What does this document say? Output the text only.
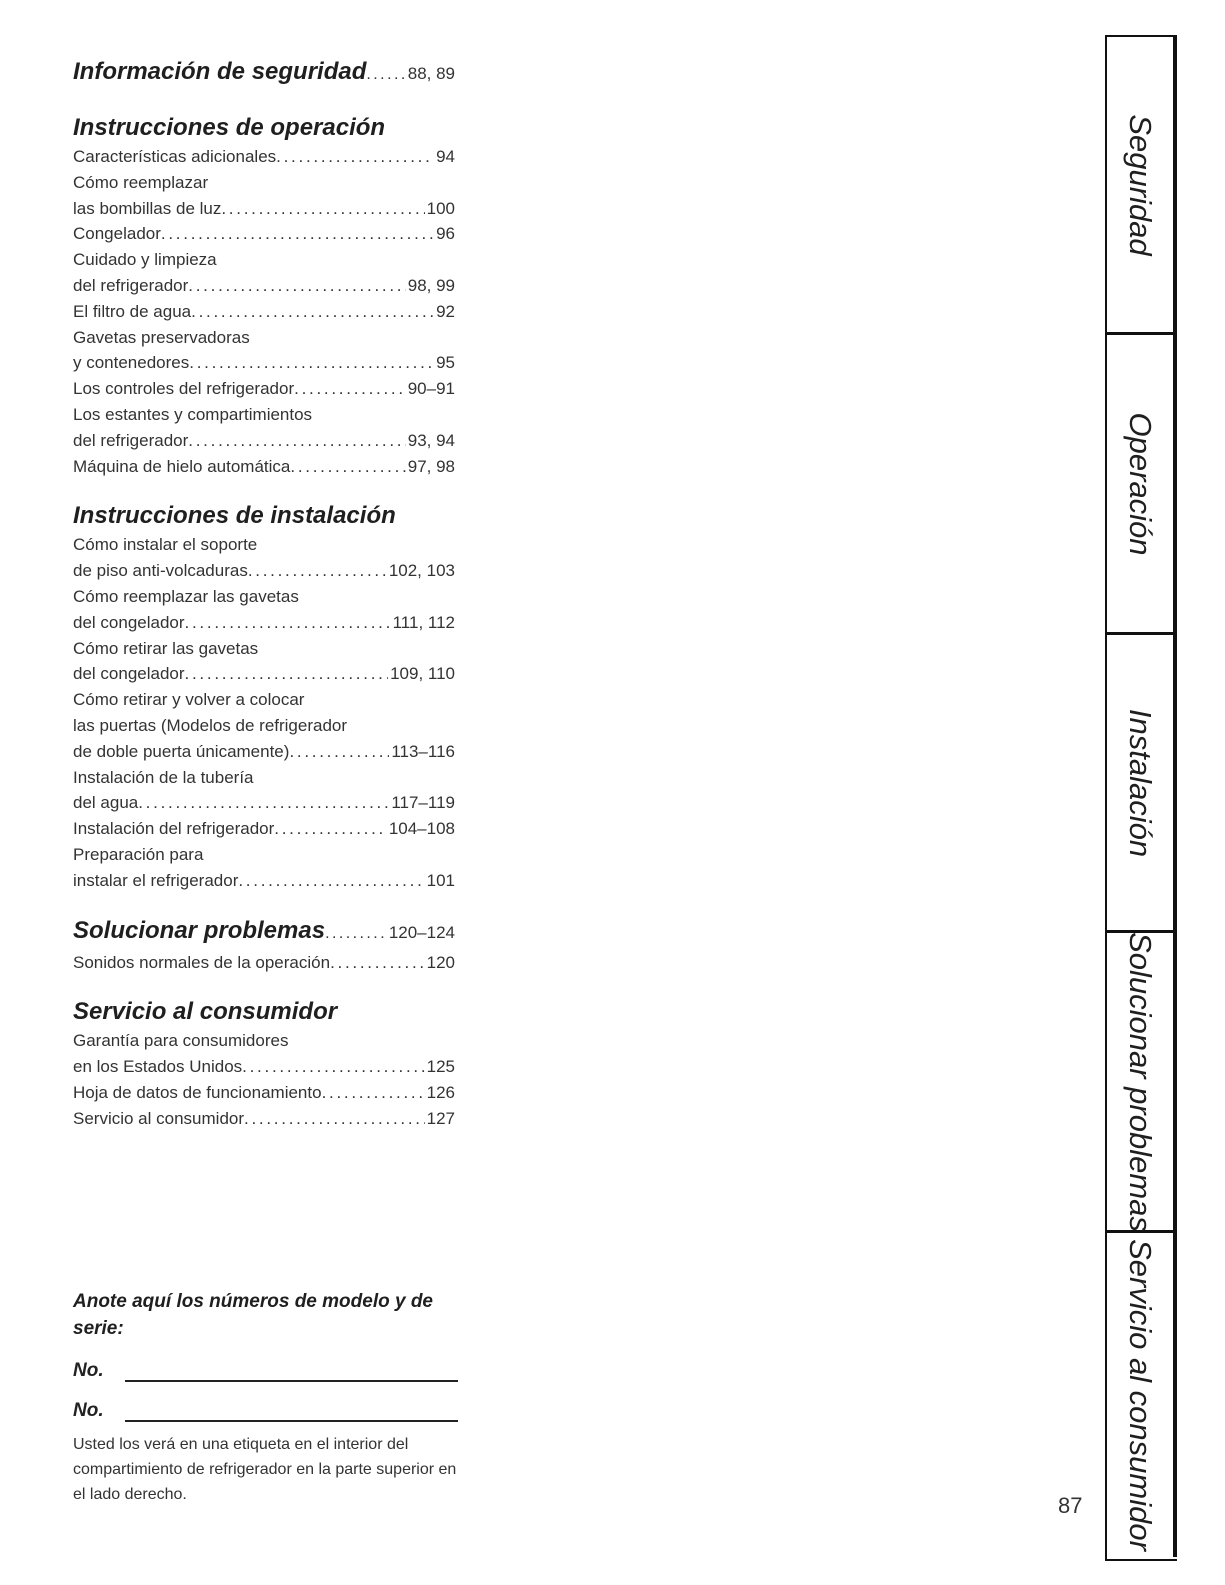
Información de seguridad . . . 88, 89
Instrucciones de operación
Características adicionales . . .	94
Cómo reemplazar
las bombillas de luz . . .	100
Congelador . . .	96
Cuidado y limpieza
del refrigerador . . .	98, 99
El filtro de agua . . .	92
Gavetas preservadoras
y contenedores . . .	95
Los controles del refrigerador . . .	90–91
Los estantes y compartimientos
del refrigerador . . .	93, 94
Máquina de hielo automática . . .	97, 98
Instrucciones de instalación
Cómo instalar el soporte
de piso anti-volcaduras . . .	102, 103
Cómo reemplazar las gavetas
del congelador . . .	111, 112
Cómo retirar las gavetas
del congelador . . .	109, 110
Cómo retirar y volver a colocar
las puertas (Modelos de refrigerador
de doble puerta únicamente) . . .	113–116
Instalación de la tubería
del agua . . .	117–119
Instalación del refrigerador . . .	104–108
Preparación para
instalar el refrigerador . . .	101
Solucionar problemas . . .	120–124
Sonidos normales de la operación . . .	120
Servicio al consumidor
Garantía para consumidores
en los Estados Unidos . . .	125
Hoja de datos de funcionamiento . . .	126
Servicio al consumidor . . .	127
Anote aquí los números de modelo y de serie:
No.
No.
Usted los verá en una etiqueta en el interior del compartimiento de refrigerador en la parte superior en el lado derecho.	87
Seguridad
Operación
Instalación
Solucionar problemas
Servicio al consumidor
